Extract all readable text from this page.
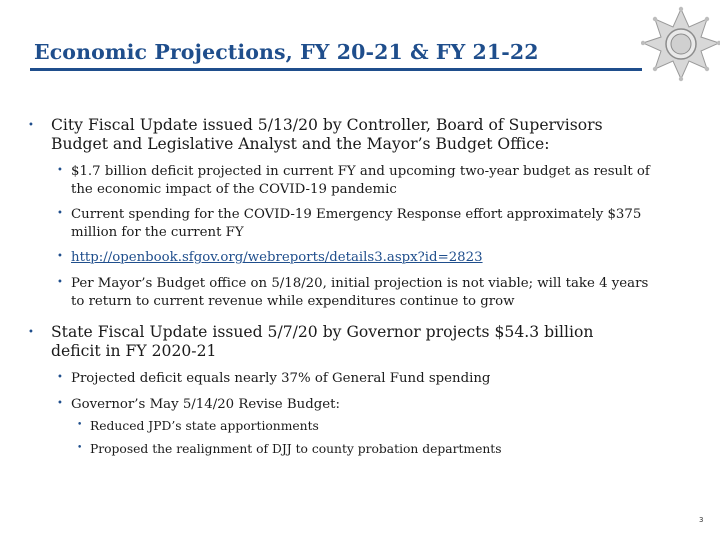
Economic Projections, FY 20-21 & FY 21-22
•	City Fiscal Update issued 5/13/20 by Controller, Board of Supervisors Budget and Legislative Analyst and the Mayor’s Budget Office:
• $1.7 billion deficit projected in current FY and upcoming two-year budget as result of the economic impact of the COVID-19 pandemic
• Current spending for the COVID-19 Emergency Response effort approximately $375 million for the current FY
• http://openbook.sfgov.org/webreports/details3.aspx?id=2823
• Per Mayor’s Budget office on 5/18/20, initial projection is not viable; will take 4 years to return to current revenue while expenditures continue to grow
•	State Fiscal Update issued 5/7/20 by Governor projects $54.3 billion deficit in FY 2020-21
• Projected deficit equals nearly 37% of General Fund spending
• Governor’s May 5/14/20 Revise Budget:
• Reduced JPD’s state apportionments
• Proposed the realignment of DJJ to county probation departments
3
